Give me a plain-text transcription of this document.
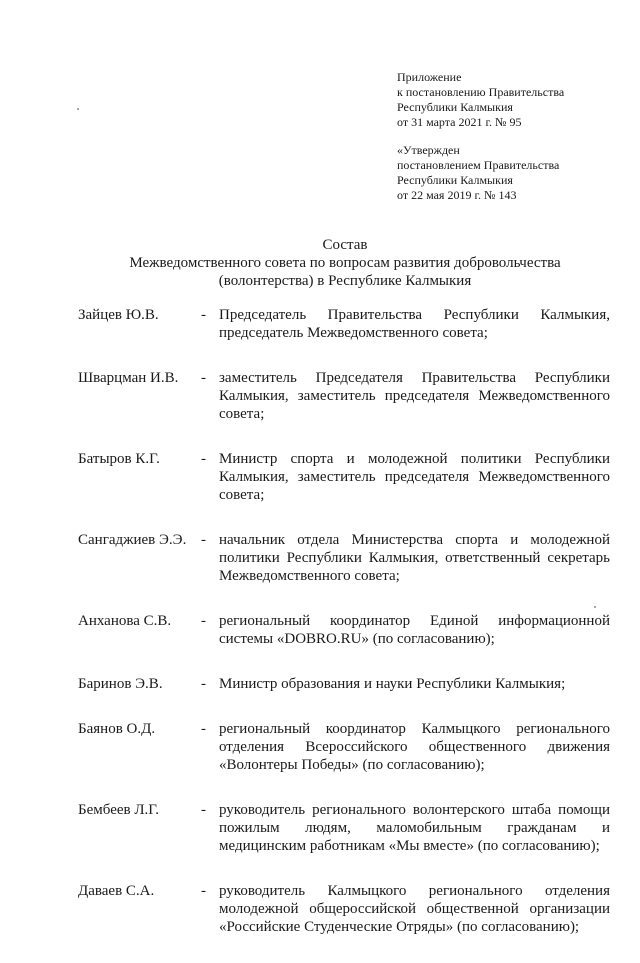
Приложение
к постановлению Правительства
Республики Калмыкия
от 31 марта 2021 г. № 95
«Утвержден
постановлением Правительства
Республики Калмыкия
от 22 мая 2019 г. № 143
Состав
Межведомственного совета по вопросам развития добровольчества
(волонтерства) в Республике Калмыкия
Зайцев Ю.В.	- Председатель Правительства Республики Калмыкия,
председатель Межведомственного совета;
Шварцман И.В. - заместитель Председателя Правительства Республики
Калмыкия, заместитель председателя Межведомственного
совета;
Батыров К.Г.	- Министр спорта и молодежной политики Республики
Калмыкия, заместитель председателя Межведомственного
совета;
Сангаджиев Э.Э. - начальник отдела Министерства спорта и молодежной
политики Республики Калмыкия, ответственный секретарь
Межведомственного совета;
Анханова С.В. - региональный координатор Единой информационной
системы «DOBRO.RU» (по согласованию);
Баринов Э.В.	- Министр образования и науки Республики Калмыкия;
Баянов О.Д.	- региональный координатор Калмыцкого регионального
отделения Всероссийского общественного движения
«Волонтеры Победы» (по согласованию);
Бембеев Л.Г.	- руководитель регионального волонтерского штаба помощи
пожилым людям, маломобильным гражданам и
медицинским работникам «Мы вместе» (по согласованию);
Даваев С.А.	- руководитель Калмыцкого регионального отделения
молодежной общероссийской общественной организации
«Российские Студенческие Отряды» (по согласованию);
